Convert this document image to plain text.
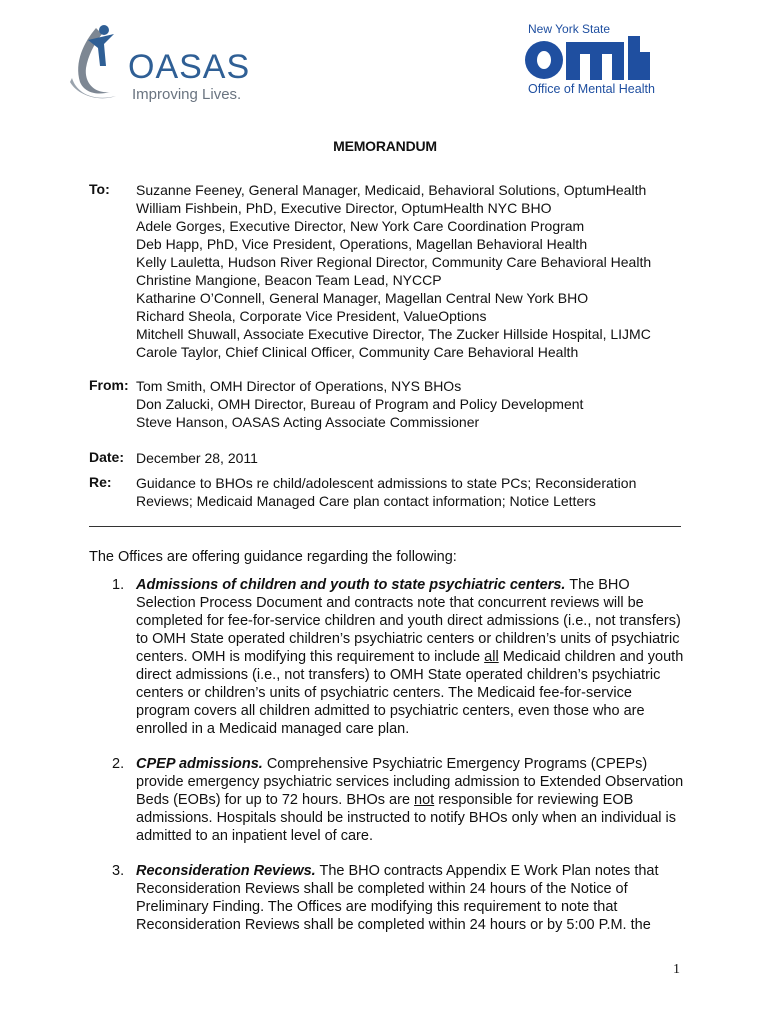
OASAS
Improving Lives.
New York State
Office of Mental Health
MEMORANDUM
To: Suzanne Feeney, General Manager, Medicaid, Behavioral Solutions, OptumHealth
William Fishbein, PhD, Executive Director, OptumHealth NYC BHO
Adele Gorges, Executive Director, New York Care Coordination Program
Deb Happ, PhD, Vice President, Operations, Magellan Behavioral Health
Kelly Lauletta, Hudson River Regional Director, Community Care Behavioral Health
Christine Mangione, Beacon Team Lead, NYCCP
Katharine O’Connell, General Manager, Magellan Central New York BHO
Richard Sheola, Corporate Vice President, ValueOptions
Mitchell Shuwall, Associate Executive Director, The Zucker Hillside Hospital, LIJMC
Carole Taylor, Chief Clinical Officer, Community Care Behavioral Health
From: Tom Smith, OMH Director of Operations, NYS BHOs
Don Zalucki, OMH Director, Bureau of Program and Policy Development
Steve Hanson, OASAS Acting Associate Commissioner
Date: December 28, 2011
Re: Guidance to BHOs re child/adolescent admissions to state PCs; Reconsideration
Reviews; Medicaid Managed Care plan contact information; Notice Letters
The Offices are offering guidance regarding the following:
1. Admissions of children and youth to state psychiatric centers. The BHO Selection Process Document and contracts note that concurrent reviews will be completed for fee-for-service children and youth direct admissions (i.e., not transfers) to OMH State operated children’s psychiatric centers or children’s units of psychiatric centers. OMH is modifying this requirement to include all Medicaid children and youth direct admissions (i.e., not transfers) to OMH State operated children’s psychiatric centers or children’s units of psychiatric centers. The Medicaid fee-for-service program covers all children admitted to psychiatric centers, even those who are enrolled in a Medicaid managed care plan.
2. CPEP admissions. Comprehensive Psychiatric Emergency Programs (CPEPs) provide emergency psychiatric services including admission to Extended Observation Beds (EOBs) for up to 72 hours. BHOs are not responsible for reviewing EOB admissions. Hospitals should be instructed to notify BHOs only when an individual is admitted to an inpatient level of care.
3. Reconsideration Reviews. The BHO contracts Appendix E Work Plan notes that Reconsideration Reviews shall be completed within 24 hours of the Notice of Preliminary Finding. The Offices are modifying this requirement to note that Reconsideration Reviews shall be completed within 24 hours or by 5:00 P.M. the
1
